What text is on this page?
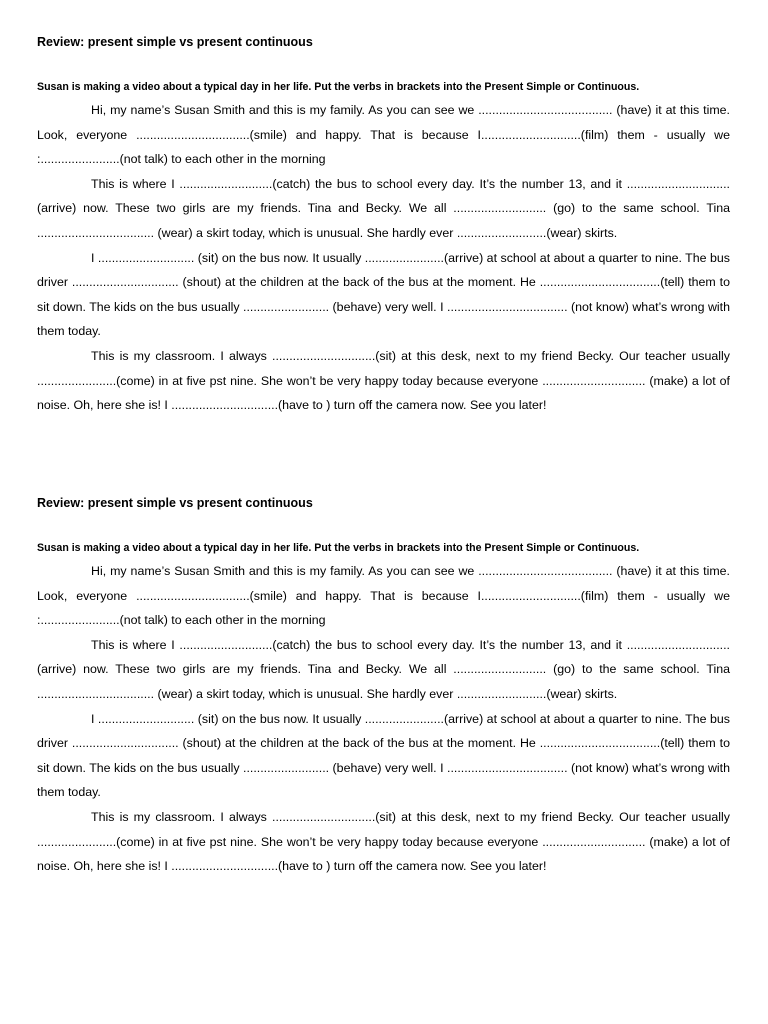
Review: present simple vs present continuous
Susan is making a video about a typical day in her life. Put the verbs in brackets into the Present Simple or Continuous.

Hi, my name’s Susan Smith and this is my family. As you can see we ....................................... (have) it at this time. Look, everyone .................................(smile) and happy. That is because I.............................(film) them - usually we :.......................(not talk) to each other in the morning

This is where I ...........................(catch) the bus to school every day. It’s the number 13, and it ..............................(arrive) now. These two girls are my friends. Tina and Becky. We all ........................... (go) to the same school. Tina .................................. (wear) a skirt today, which is unusual. She hardly ever ..........................(wear) skirts.

I ............................ (sit) on the bus now. It usually .......................(arrive) at school at about a quarter to nine. The bus driver ............................... (shout) at the children at the back of the bus at the moment. He ...................................(tell) them to sit down. The kids on the bus usually ......................... (behave) very well. I ................................... (not know) what’s wrong with them today.

This is my classroom. I always ..............................(sit) at this desk, next to my friend Becky. Our teacher usually .......................(come) in at five pst nine. She won’t be very happy today because everyone .............................. (make) a lot of noise. Oh, here she is! I ...............................(have to ) turn off the camera now. See you later!

Review: present simple vs present continuous
Susan is making a video about a typical day in her life. Put the verbs in brackets into the Present Simple or Continuous.

Hi, my name’s Susan Smith and this is my family. As you can see we ....................................... (have) it at this time. Look, everyone .................................(smile) and happy. That is because I.............................(film) them - usually we :.......................(not talk) to each other in the morning

This is where I ...........................(catch) the bus to school every day. It’s the number 13, and it ..............................(arrive) now. These two girls are my friends. Tina and Becky. We all ........................... (go) to the same school. Tina .................................. (wear) a skirt today, which is unusual. She hardly ever ..........................(wear) skirts.

I ............................ (sit) on the bus now. It usually .......................(arrive) at school at about a quarter to nine. The bus driver ............................... (shout) at the children at the back of the bus at the moment. He ...................................(tell) them to sit down. The kids on the bus usually ......................... (behave) very well. I ................................... (not know) what’s wrong with them today.

This is my classroom. I always ..............................(sit) at this desk, next to my friend Becky. Our teacher usually .......................(come) in at five pst nine. She won’t be very happy today because everyone .............................. (make) a lot of noise. Oh, here she is! I ...............................(have to ) turn off the camera now. See you later!
